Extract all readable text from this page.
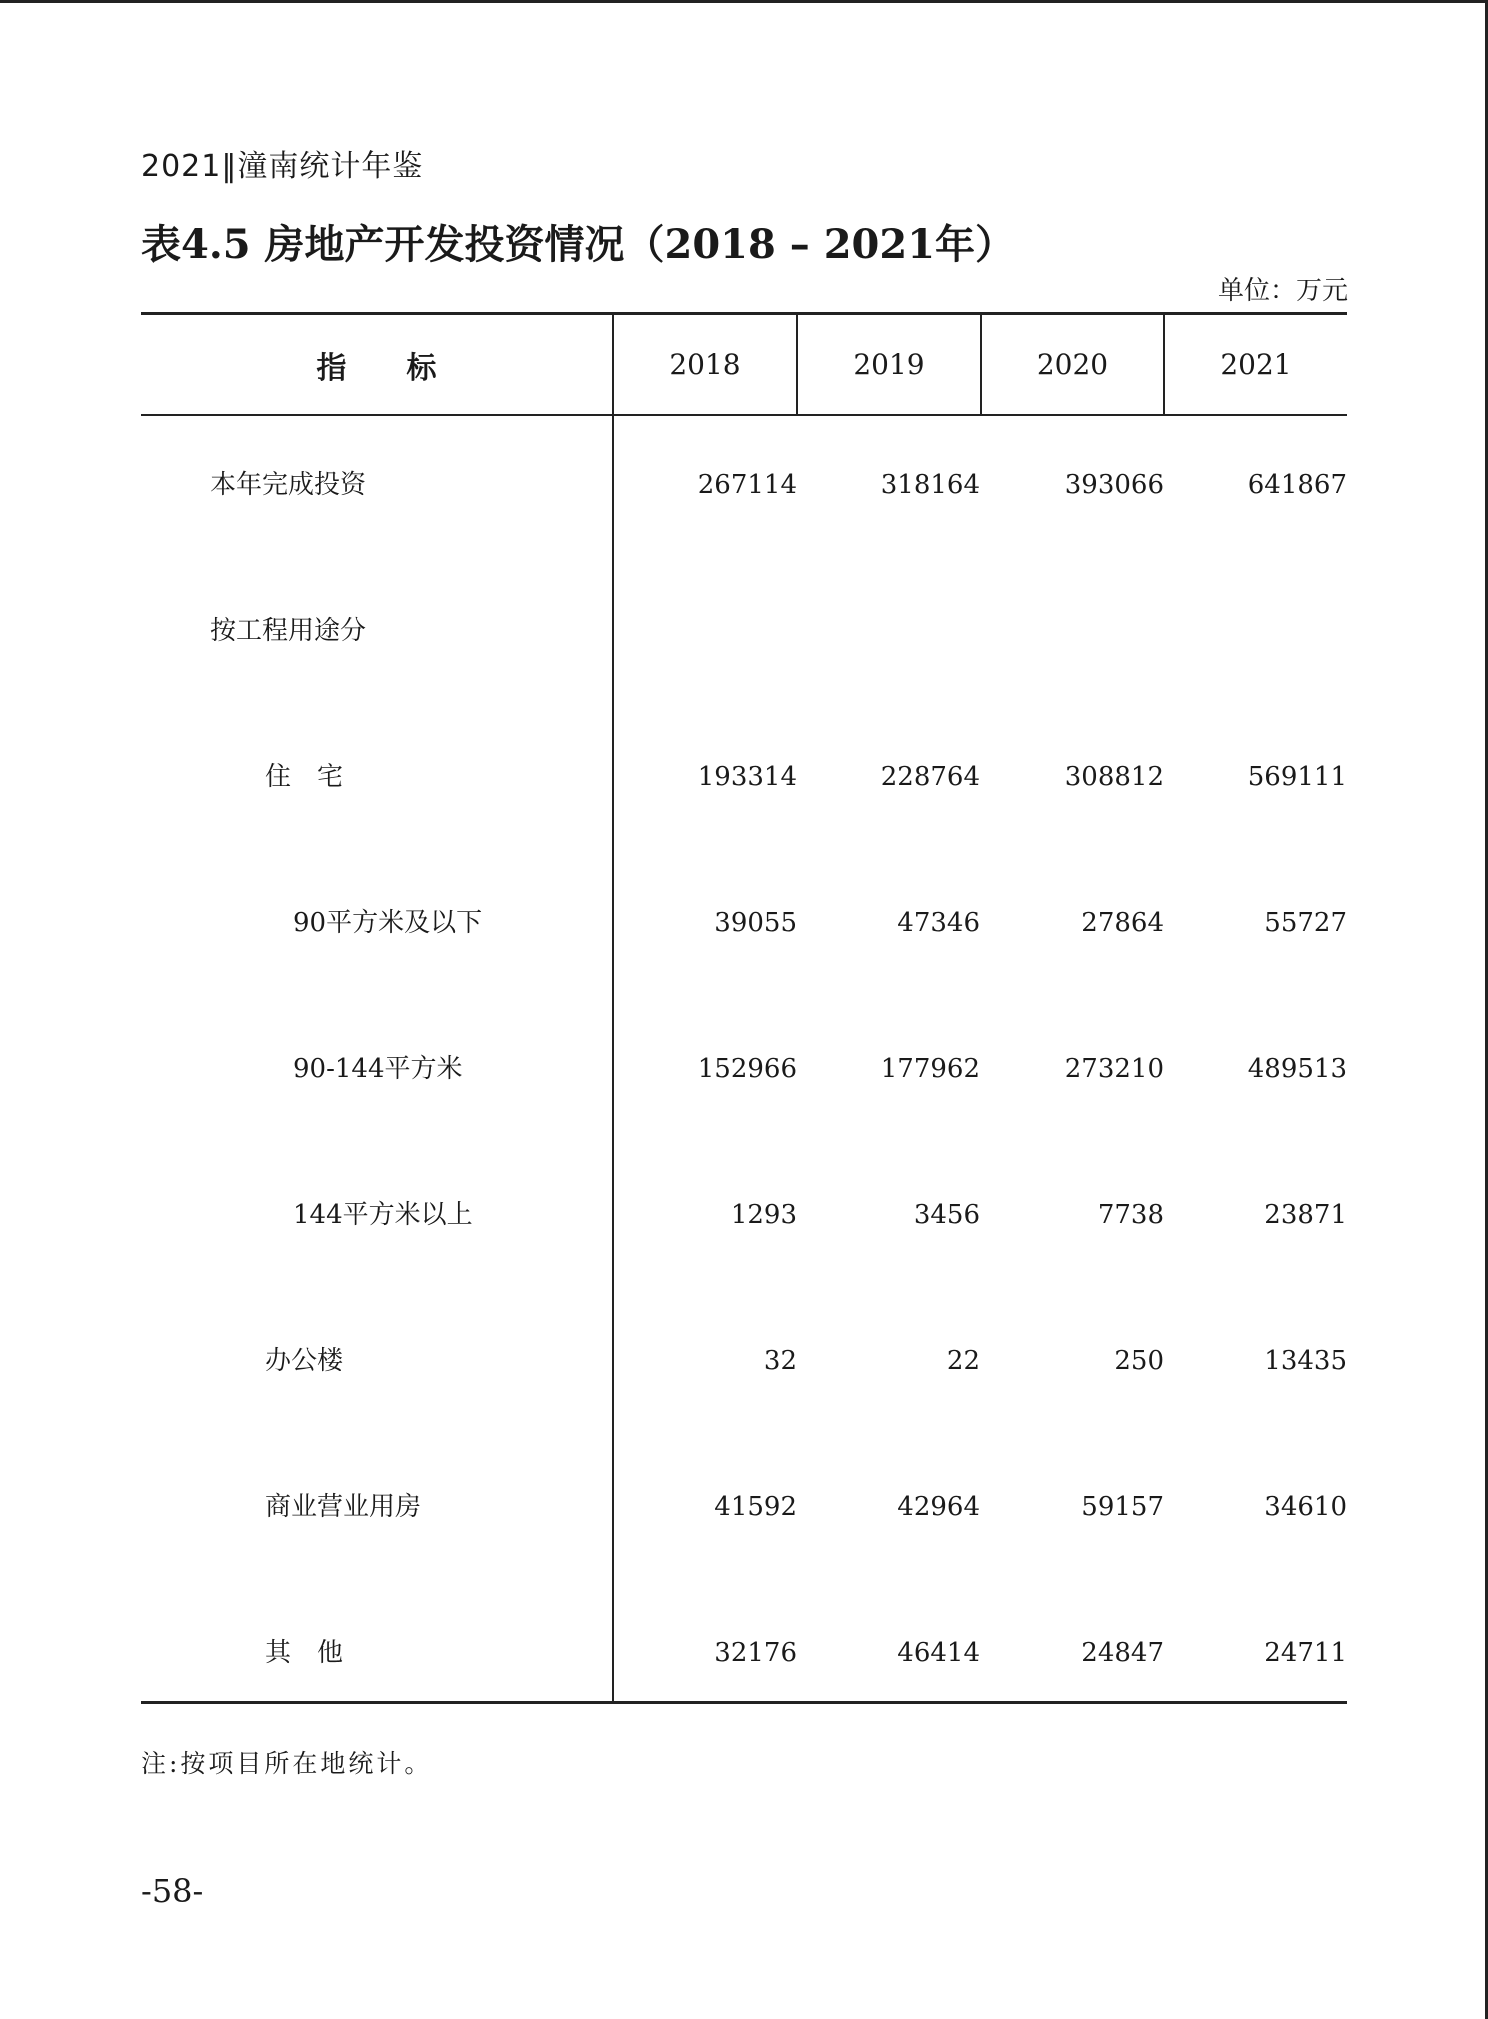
2021‖潼南统计年鉴
表4.5 房地产开发投资情况（2018 – 2021年）
单位：万元
指　　标	2018	2019	2020	2021
本年完成投资	267114	318164	393066	641867
按工程用途分
住　宅	193314	228764	308812	569111
90平方米及以下	39055	47346	27864	55727
90-144平方米	152966	177962	273210	489513
144平方米以上	1293	3456	7738	23871
办公楼	32	22	250	13435
商业营业用房	41592	42964	59157	34610
其　他	32176	46414	24847	24711
注:按项目所在地统计。
-58-
